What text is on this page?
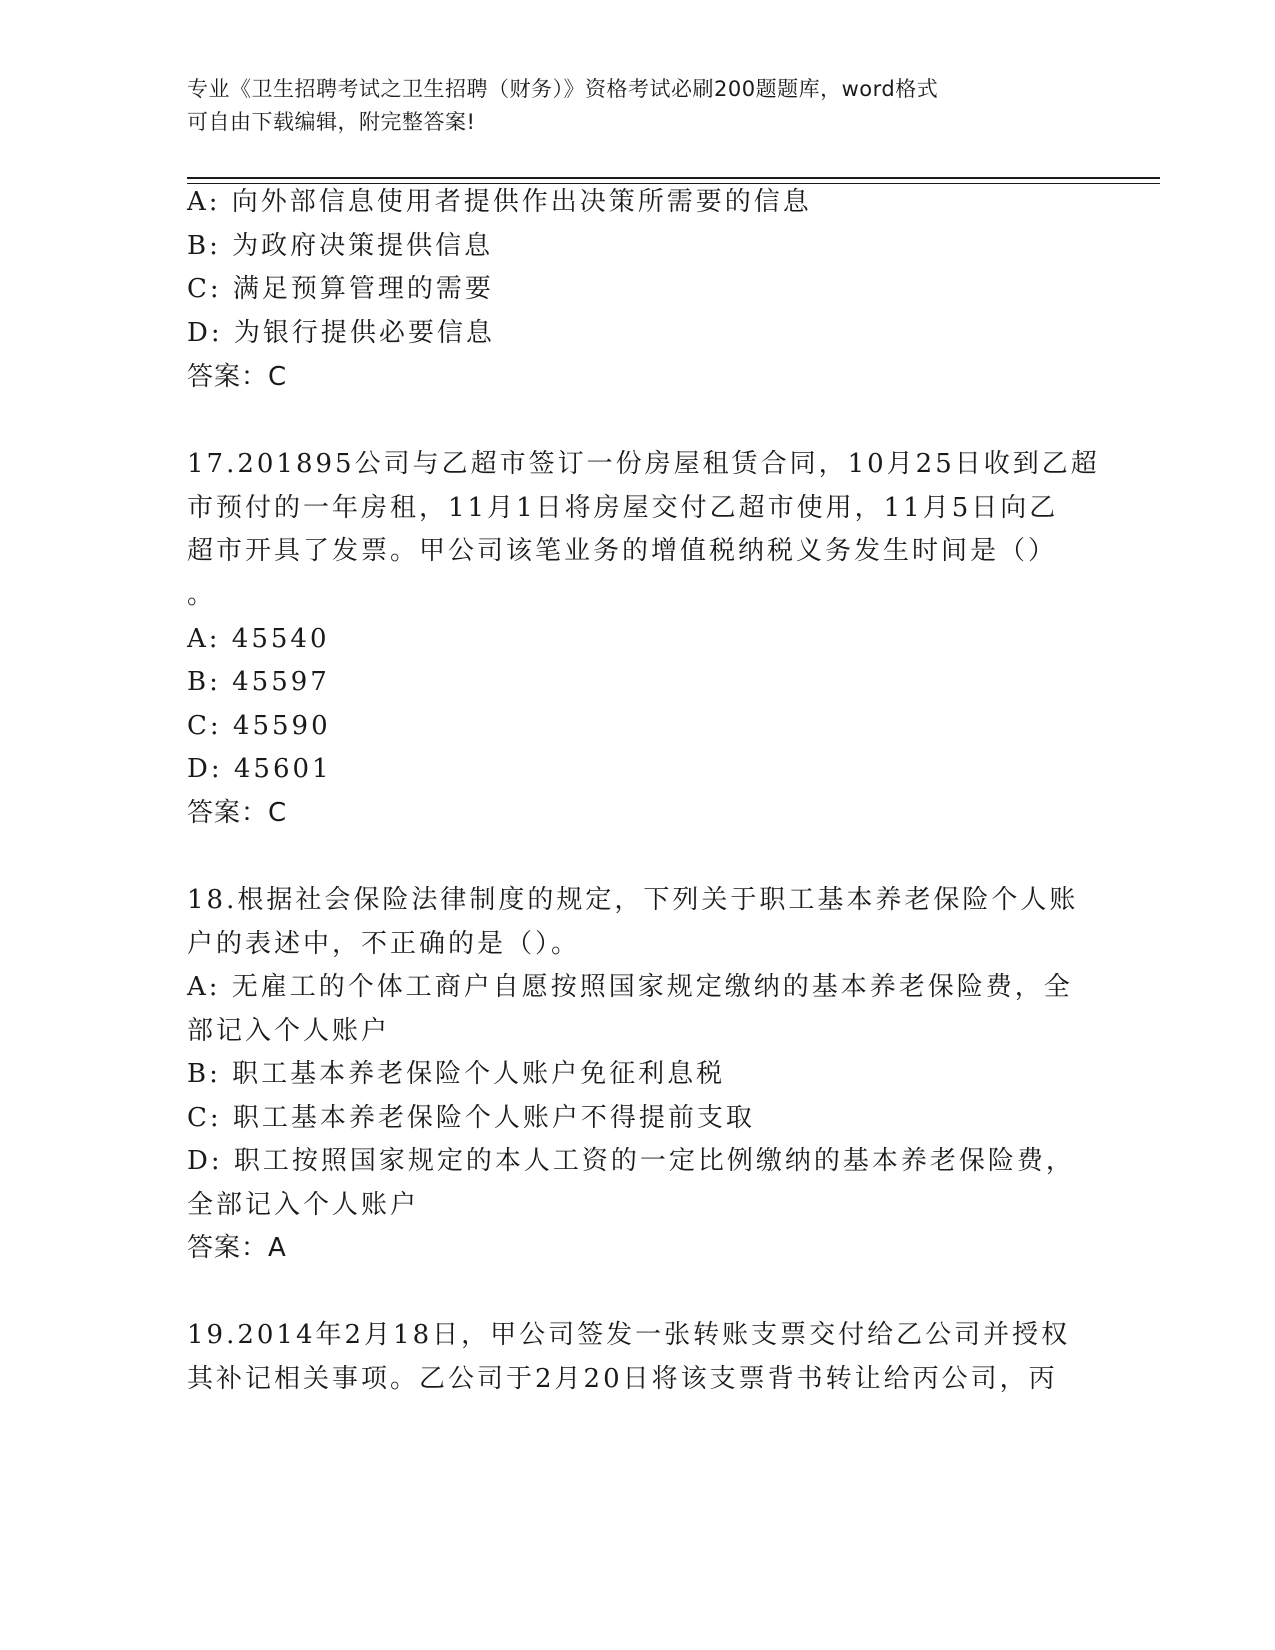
专业《卫生招聘考试之卫生招聘（财务）》资格考试必刷200题题库，word格式
可自由下载编辑，附完整答案!
A: 向外部信息使用者提供作出决策所需要的信息
B: 为政府决策提供信息
C: 满足预算管理的需要
D: 为银行提供必要信息
答案：C
17.201895公司与乙超市签订一份房屋租赁合同，10月25日收到乙超
市预付的一年房租，11月1日将房屋交付乙超市使用，11月5日向乙
超市开具了发票。甲公司该笔业务的增值税纳税义务发生时间是（）
。
A: 45540
B: 45597
C: 45590
D: 45601
答案：C
18.根据社会保险法律制度的规定，下列关于职工基本养老保险个人账
户的表述中，不正确的是（）。
A: 无雇工的个体工商户自愿按照国家规定缴纳的基本养老保险费，全
部记入个人账户
B: 职工基本养老保险个人账户免征利息税
C: 职工基本养老保险个人账户不得提前支取
D: 职工按照国家规定的本人工资的一定比例缴纳的基本养老保险费，
全部记入个人账户
答案：A
19.2014年2月18日，甲公司签发一张转账支票交付给乙公司并授权
其补记相关事项。乙公司于2月20日将该支票背书转让给丙公司，丙
